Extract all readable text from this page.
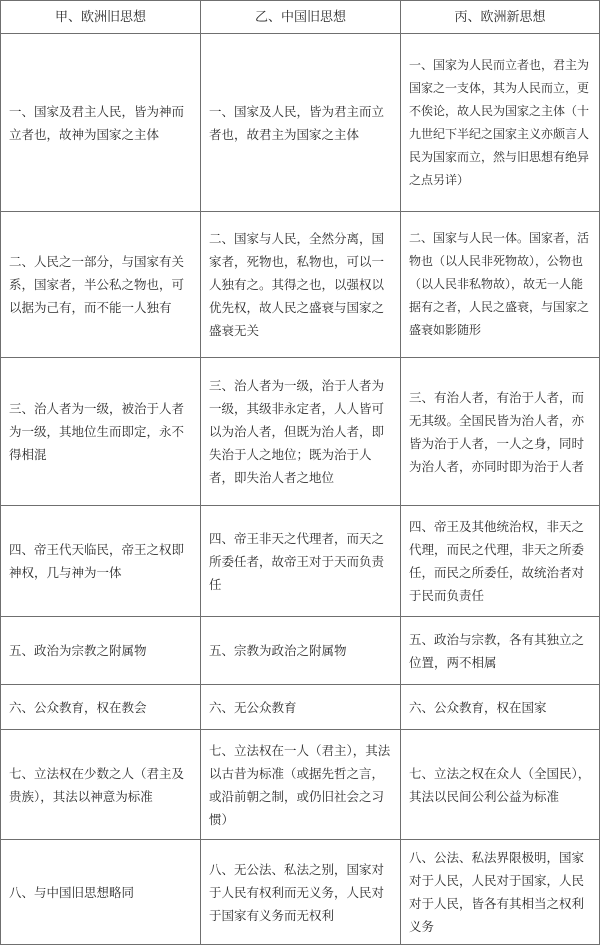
甲、欧洲旧思想	乙、中国旧思想	丙、欧洲新思想
一、国家及君主人民，皆为神而立者也，故神为国家之主体	一、国家及人民，皆为君主而立者也，故君主为国家之主体	一、国家为人民而立者也，君主为国家之一支体，其为人民而立，更不俟论，故人民为国家之主体（十九世纪下半纪之国家主义亦颇言人民为国家而立，然与旧思想有绝异之点另详）
二、人民之一部分，与国家有关系，国家者，半公私之物也，可以据为己有，而不能一人独有	二、国家与人民，全然分离，国家者，死物也，私物也，可以一人独有之。其得之也，以强权以优先权，故人民之盛衰与国家之盛衰无关	二、国家与人民一体。国家者，活物也（以人民非死物故），公物也（以人民非私物故），故无一人能据有之者，人民之盛衰，与国家之盛衰如影随形
三、治人者为一级，被治于人者为一级，其地位生而即定，永不得相混	三、治人者为一级，治于人者为一级，其级非永定者，人人皆可以为治人者，但既为治人者，即失治于人之地位；既为治于人者，即失治人者之地位	三、有治人者，有治于人者，而无其级。全国民皆为治人者，亦皆为治于人者，一人之身，同时为治人者，亦同时即为治于人者
四、帝王代天临民，帝王之权即神权，几与神为一体	四、帝王非天之代理者，而天之所委任者，故帝王对于天而负责任	四、帝王及其他统治权，非天之代理，而民之代理，非天之所委任，而民之所委任，故统治者对于民而负责任
五、政治为宗教之附属物	五、宗教为政治之附属物	五、政治与宗教，各有其独立之位置，两不相属
六、公众教育，权在教会	六、无公众教育	六、公众教育，权在国家
七、立法权在少数之人（君主及贵族），其法以神意为标准	七、立法权在一人（君主），其法以古昔为标准（或据先哲之言，或沿前朝之制，或仍旧社会之习惯）	七、立法之权在众人（全国民），其法以民间公利公益为标准
八、与中国旧思想略同	八、无公法、私法之别，国家对于人民有权利而无义务，人民对于国家有义务而无权利	八、公法、私法界限极明，国家对于人民，人民对于国家，人民对于人民，皆各有其相当之权利义务
